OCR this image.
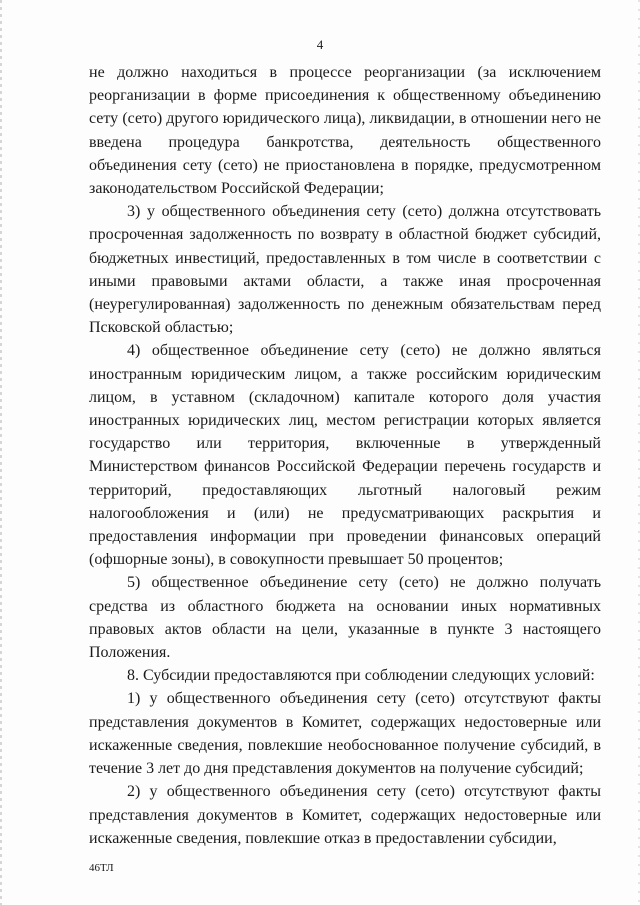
4

не должно находиться в процессе реорганизации (за исключением реорганизации в форме присоединения к общественному объединению сету (сето) другого юридического лица), ликвидации, в отношении него не введена процедура банкротства, деятельность общественного объединения сету (сето) не приостановлена в порядке, предусмотренном законодательством Российской Федерации;

3) у общественного объединения сету (сето) должна отсутствовать просроченная задолженность по возврату в областной бюджет субсидий, бюджетных инвестиций, предоставленных в том числе в соответствии с иными правовыми актами области, а также иная просроченная (неурегулированная) задолженность по денежным обязательствам перед Псковской областью;

4) общественное объединение сету (сето) не должно являться иностранным юридическим лицом, а также российским юридическим лицом, в уставном (складочном) капитале которого доля участия иностранных юридических лиц, местом регистрации которых является государство или территория, включенные в утвержденный Министерством финансов Российской Федерации перечень государств и территорий, предоставляющих льготный налоговый режим налогообложения и (или) не предусматривающих раскрытия и предоставления информации при проведении финансовых операций (офшорные зоны), в совокупности превышает 50 процентов;

5) общественное объединение сету (сето) не должно получать средства из областного бюджета на основании иных нормативных правовых актов области на цели, указанные в пункте 3 настоящего Положения.

8. Субсидии предоставляются при соблюдении следующих условий:

1) у общественного объединения сету (сето) отсутствуют факты представления документов в Комитет, содержащих недостоверные или искаженные сведения, повлекшие необоснованное получение субсидий, в течение 3 лет до дня представления документов на получение субсидий;

2) у общественного объединения сету (сето) отсутствуют факты представления документов в Комитет, содержащих недостоверные или искаженные сведения, повлекшие отказ в предоставлении субсидии,

46ТЛ
